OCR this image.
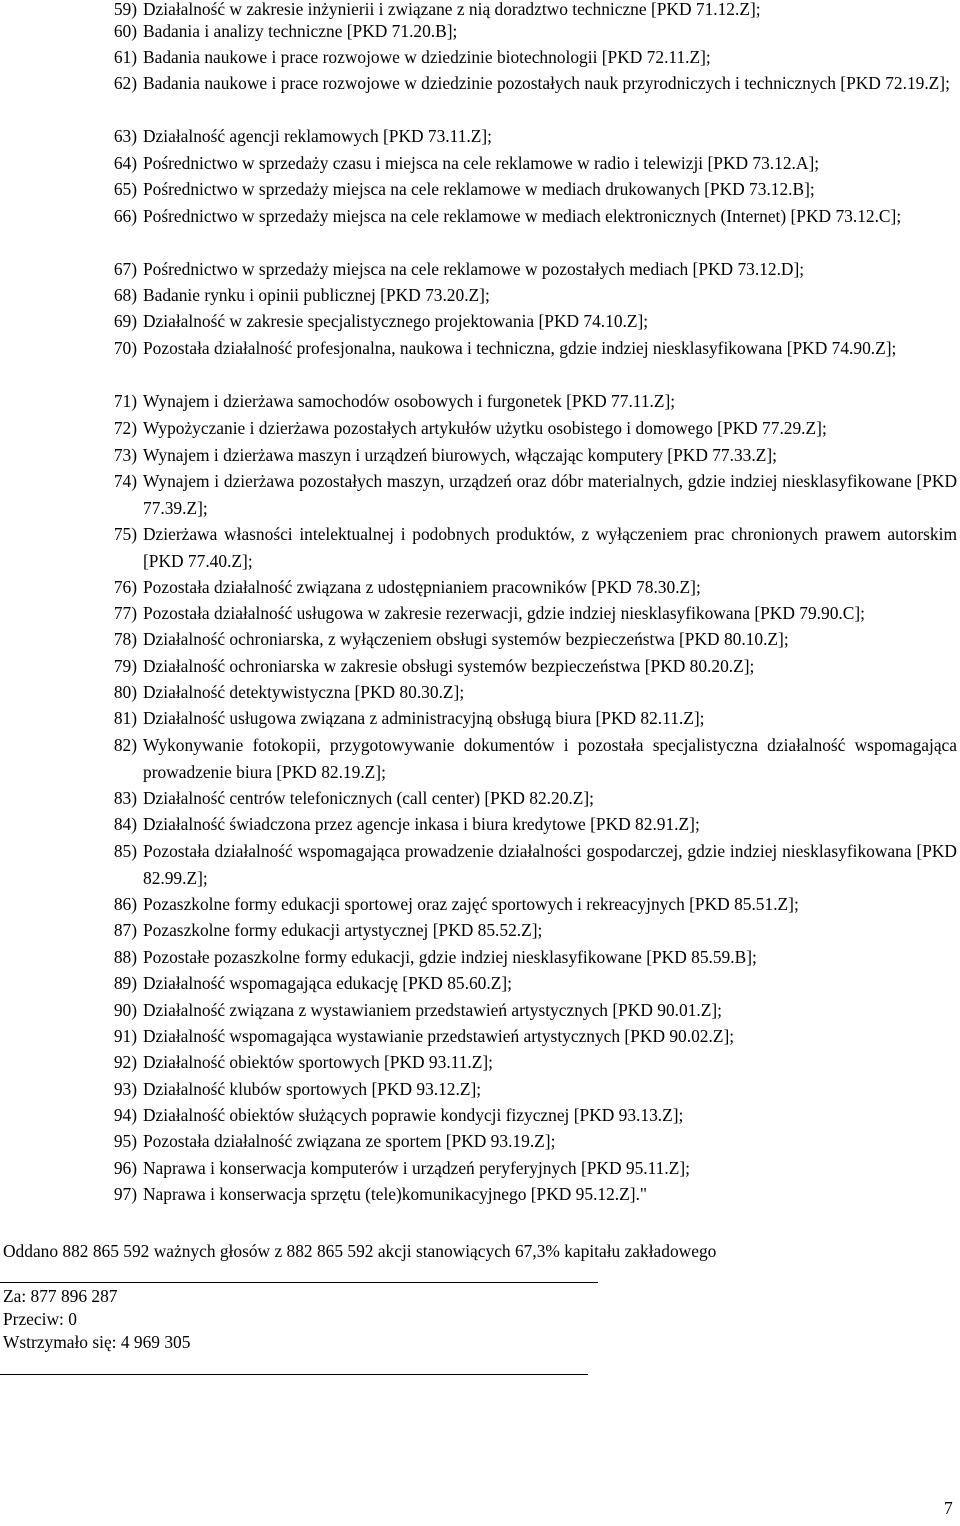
59) Działalność w zakresie inżynierii i związane z nią doradztwo techniczne [PKD 71.12.Z];
60) Badania i analizy techniczne [PKD 71.20.B];
61) Badania naukowe i prace rozwojowe w dziedzinie biotechnologii [PKD 72.11.Z];
62) Badania naukowe i prace rozwojowe w dziedzinie pozostałych nauk przyrodniczych i technicznych [PKD 72.19.Z];
63) Działalność agencji reklamowych [PKD 73.11.Z];
64) Pośrednictwo w sprzedaży czasu i miejsca na cele reklamowe w radio i telewizji [PKD 73.12.A];
65) Pośrednictwo w sprzedaży miejsca na cele reklamowe w mediach drukowanych [PKD 73.12.B];
66) Pośrednictwo w sprzedaży miejsca na cele reklamowe w mediach elektronicznych (Internet) [PKD 73.12.C];
67) Pośrednictwo w sprzedaży miejsca na cele reklamowe w pozostałych mediach [PKD 73.12.D];
68) Badanie rynku i opinii publicznej [PKD 73.20.Z];
69) Działalność w zakresie specjalistycznego projektowania [PKD 74.10.Z];
70) Pozostała działalność profesjonalna, naukowa i techniczna, gdzie indziej niesklasyfikowana [PKD 74.90.Z];
71) Wynajem i dzierżawa samochodów osobowych i furgonetek [PKD 77.11.Z];
72) Wypożyczanie i dzierżawa pozostałych artykułów użytku osobistego i domowego [PKD 77.29.Z];
73) Wynajem i dzierżawa maszyn i urządzeń biurowych, włączając komputery [PKD 77.33.Z];
74) Wynajem i dzierżawa pozostałych maszyn, urządzeń oraz dóbr materialnych, gdzie indziej niesklasyfikowane [PKD 77.39.Z];
75) Dzierżawa własności intelektualnej i podobnych produktów, z wyłączeniem prac chronionych prawem autorskim [PKD 77.40.Z];
76) Pozostała działalność związana z udostępnianiem pracowników [PKD 78.30.Z];
77) Pozostała działalność usługowa w zakresie rezerwacji, gdzie indziej niesklasyfikowana [PKD 79.90.C];
78) Działalność ochroniarska, z wyłączeniem obsługi systemów bezpieczeństwa [PKD 80.10.Z];
79) Działalność ochroniarska w zakresie obsługi systemów bezpieczeństwa [PKD 80.20.Z];
80) Działalność detektywistyczna [PKD 80.30.Z];
81) Działalność usługowa związana z administracyjną obsługą biura [PKD 82.11.Z];
82) Wykonywanie fotokopii, przygotowywanie dokumentów i pozostała specjalistyczna działalność wspomagająca prowadzenie biura [PKD 82.19.Z];
83) Działalność centrów telefonicznych (call center) [PKD 82.20.Z];
84) Działalność świadczona przez agencje inkasa i biura kredytowe [PKD 82.91.Z];
85) Pozostała działalność wspomagająca prowadzenie działalności gospodarczej, gdzie indziej niesklasyfikowana [PKD 82.99.Z];
86) Pozaszkolne formy edukacji sportowej oraz zajęć sportowych i rekreacyjnych [PKD 85.51.Z];
87) Pozaszkolne formy edukacji artystycznej [PKD 85.52.Z];
88) Pozostałe pozaszkolne formy edukacji, gdzie indziej niesklasyfikowane [PKD 85.59.B];
89) Działalność wspomagająca edukację [PKD 85.60.Z];
90) Działalność związana z wystawianiem przedstawień artystycznych [PKD 90.01.Z];
91) Działalność wspomagająca wystawianie przedstawień artystycznych [PKD 90.02.Z];
92) Działalność obiektów sportowych [PKD 93.11.Z];
93) Działalność klubów sportowych [PKD 93.12.Z];
94) Działalność obiektów służących poprawie kondycji fizycznej [PKD 93.13.Z];
95) Pozostała działalność związana ze sportem [PKD 93.19.Z];
96) Naprawa i konserwacja komputerów i urządzeń peryferyjnych [PKD 95.11.Z];
97) Naprawa i konserwacja sprzętu (tele)komunikacyjnego [PKD 95.12.Z]."
Oddano 882 865 592 ważnych głosów z 882 865 592 akcji stanowiących 67,3% kapitału zakładowego
Za: 877 896 287
Przeciw: 0
Wstrzymało się: 4 969 305
7
